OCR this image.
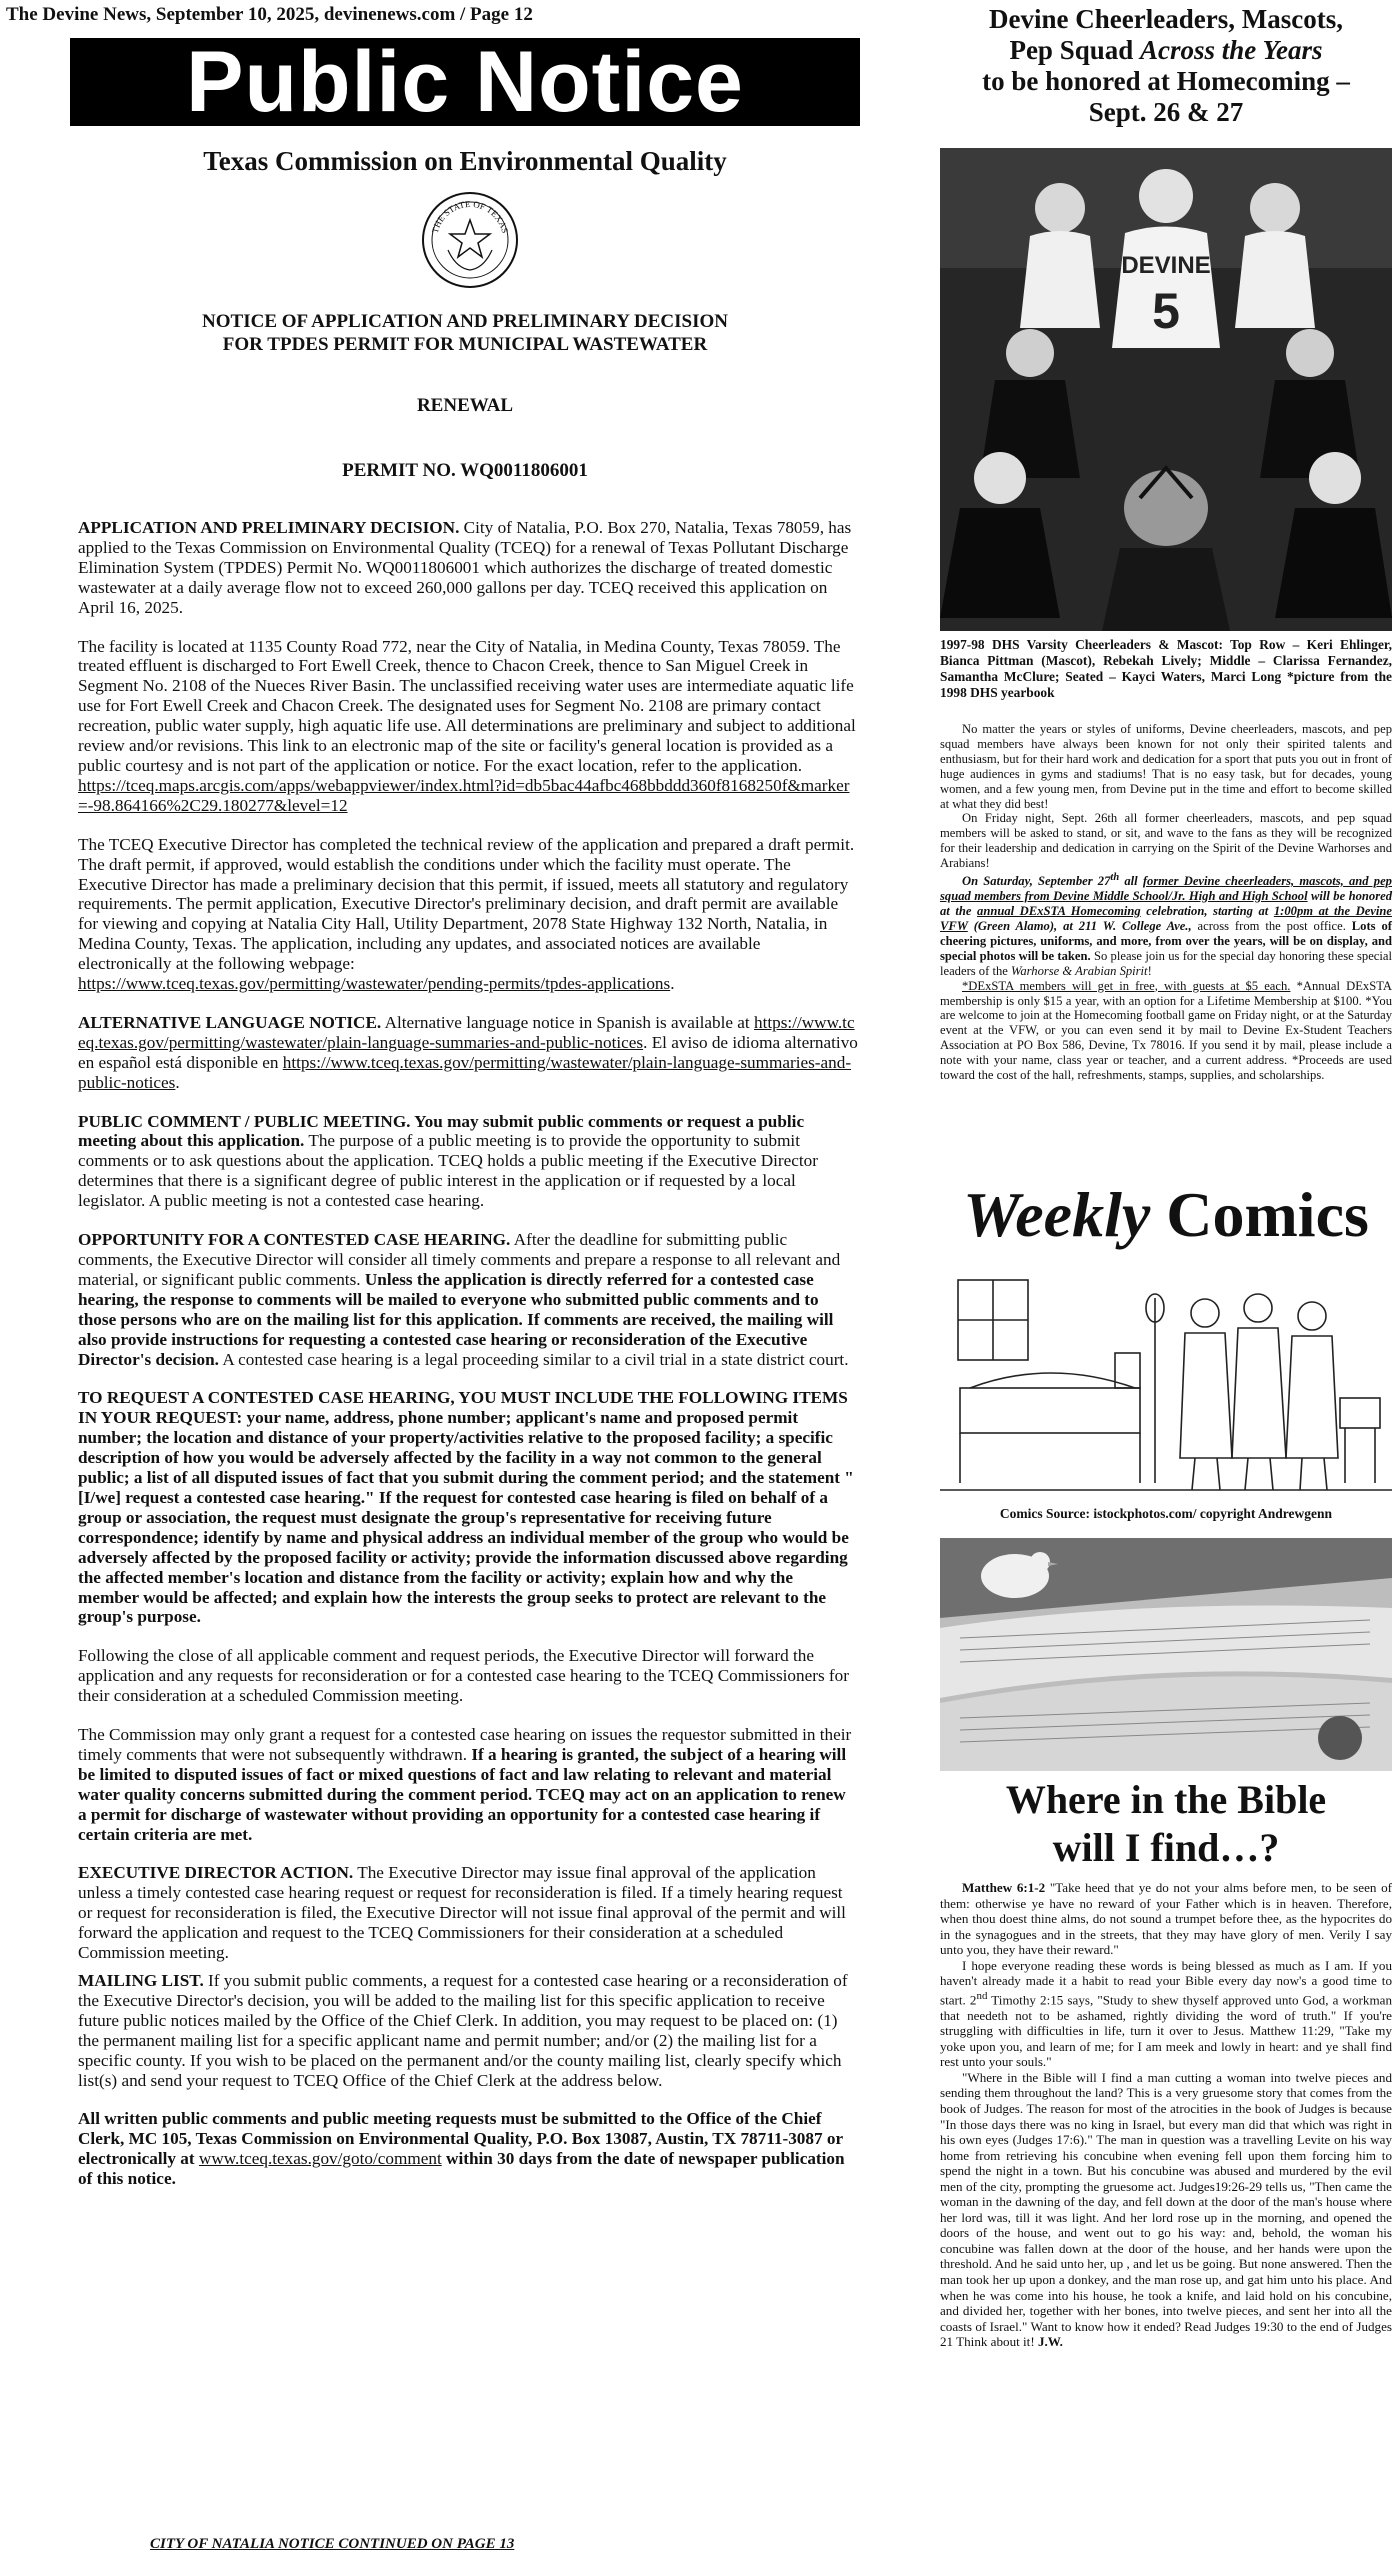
The Devine News, September 10, 2025, devinenews.com / Page 12
Public Notice
Texas Commission on Environmental Quality
THE STATE OF TEXAS
NOTICE OF APPLICATION AND PRELIMINARY DECISION
FOR TPDES PERMIT FOR MUNICIPAL WASTEWATER
RENEWAL
PERMIT NO. WQ0011806001

APPLICATION AND PRELIMINARY DECISION. City of Natalia, P.O. Box 270, Natalia, Texas 78059, has applied to the Texas Commission on Environmental Quality (TCEQ) for a renewal of Texas Pollutant Discharge Elimination System (TPDES) Permit No. WQ0011806001 which authorizes the discharge of treated domestic wastewater at a daily average flow not to exceed 260,000 gallons per day. TCEQ received this application on April 16, 2025.

The facility is located at 1135 County Road 772, near the City of Natalia, in Medina County, Texas 78059. The treated effluent is discharged to Fort Ewell Creek, thence to Chacon Creek, thence to San Miguel Creek in Segment No. 2108 of the Nueces River Basin. The unclassified receiving water uses are intermediate aquatic life use for Fort Ewell Creek and Chacon Creek. The designated uses for Segment No. 2108 are primary contact recreation, public water supply, high aquatic life use. All determinations are preliminary and subject to additional review and/or revisions. This link to an electronic map of the site or facility's general location is provided as a public courtesy and is not part of the application or notice. For the exact location, refer to the application.
https://tceq.maps.arcgis.com/apps/webappviewer/index.html?id=db5bac44afbc468bbddd360f8168250f&marker=-98.864166%2C29.180277&level=12

The TCEQ Executive Director has completed the technical review of the application and prepared a draft permit. The draft permit, if approved, would establish the conditions under which the facility must operate. The Executive Director has made a preliminary decision that this permit, if issued, meets all statutory and regulatory requirements. The permit application, Executive Director's preliminary decision, and draft permit are available for viewing and copying at Natalia City Hall, Utility Department, 2078 State Highway 132 North, Natalia, in Medina County, Texas. The application, including any updates, and associated notices are available electronically at the following webpage:
https://www.tceq.texas.gov/permitting/wastewater/pending-permits/tpdes-applications.

ALTERNATIVE LANGUAGE NOTICE. Alternative language notice in Spanish is available at https://www.tceq.texas.gov/permitting/wastewater/plain-language-summaries-and-public-notices. El aviso de idioma alternativo en español está disponible en https://www.tceq.texas.gov/permitting/wastewater/plain-language-summaries-and-public-notices.

PUBLIC COMMENT / PUBLIC MEETING. You may submit public comments or request a public meeting about this application. The purpose of a public meeting is to provide the opportunity to submit comments or to ask questions about the application. TCEQ holds a public meeting if the Executive Director determines that there is a significant degree of public interest in the application or if requested by a local legislator. A public meeting is not a contested case hearing.

OPPORTUNITY FOR A CONTESTED CASE HEARING. After the deadline for submitting public comments, the Executive Director will consider all timely comments and prepare a response to all relevant and material, or significant public comments. Unless the application is directly referred for a contested case hearing, the response to comments will be mailed to everyone who submitted public comments and to those persons who are on the mailing list for this application. If comments are received, the mailing will also provide instructions for requesting a contested case hearing or reconsideration of the Executive Director's decision. A contested case hearing is a legal proceeding similar to a civil trial in a state district court.

TO REQUEST A CONTESTED CASE HEARING, YOU MUST INCLUDE THE FOLLOWING ITEMS IN YOUR REQUEST: your name, address, phone number; applicant's name and proposed permit number; the location and distance of your property/activities relative to the proposed facility; a specific description of how you would be adversely affected by the facility in a way not common to the general public; a list of all disputed issues of fact that you submit during the comment period; and the statement "[I/we] request a contested case hearing." If the request for contested case hearing is filed on behalf of a group or association, the request must designate the group's representative for receiving future correspondence; identify by name and physical address an individual member of the group who would be adversely affected by the proposed facility or activity; provide the information discussed above regarding the affected member's location and distance from the facility or activity; explain how and why the member would be affected; and explain how the interests the group seeks to protect are relevant to the group's purpose.

Following the close of all applicable comment and request periods, the Executive Director will forward the application and any requests for reconsideration or for a contested case hearing to the TCEQ Commissioners for their consideration at a scheduled Commission meeting.

The Commission may only grant a request for a contested case hearing on issues the requestor submitted in their timely comments that were not subsequently withdrawn. If a hearing is granted, the subject of a hearing will be limited to disputed issues of fact or mixed questions of fact and law relating to relevant and material water quality concerns submitted during the comment period. TCEQ may act on an application to renew a permit for discharge of wastewater without providing an opportunity for a contested case hearing if certain criteria are met.

EXECUTIVE DIRECTOR ACTION. The Executive Director may issue final approval of the application unless a timely contested case hearing request or request for reconsideration is filed. If a timely hearing request or request for reconsideration is filed, the Executive Director will not issue final approval of the permit and will forward the application and request to the TCEQ Commissioners for their consideration at a scheduled Commission meeting.

MAILING LIST. If you submit public comments, a request for a contested case hearing or a reconsideration of the Executive Director's decision, you will be added to the mailing list for this specific application to receive future public notices mailed by the Office of the Chief Clerk. In addition, you may request to be placed on: (1) the permanent mailing list for a specific applicant name and permit number; and/or (2) the mailing list for a specific county. If you wish to be placed on the permanent and/or the county mailing list, clearly specify which list(s) and send your request to TCEQ Office of the Chief Clerk at the address below.

All written public comments and public meeting requests must be submitted to the Office of the Chief Clerk, MC 105, Texas Commission on Environmental Quality, P.O. Box 13087, Austin, TX 78711-3087 or electronically at www.tceq.texas.gov/goto/comment within 30 days from the date of newspaper publication of this notice.

CITY OF NATALIA NOTICE CONTINUED ON PAGE 13
Devine Cheerleaders, Mascots,
Pep Squad Across the Years
to be honored at Homecoming –
Sept. 26 & 27
DEVINE
5
1997-98 DHS Varsity Cheerleaders & Mascot: Top Row – Keri Ehlinger, Bianca Pittman (Mascot), Rebekah Lively; Middle – Clarissa Fernandez, Samantha McClure; Seated – Kayci Waters, Marci Long *picture from the 1998 DHS yearbook

No matter the years or styles of uniforms, Devine cheerleaders, mascots, and pep squad members have always been known for not only their spirited talents and enthusiasm, but for their hard work and dedication for a sport that puts you out in front of huge audiences in gyms and stadiums! That is no easy task, but for decades, young women, and a few young men, from Devine put in the time and effort to become skilled at what they did best!

On Friday night, Sept. 26th all former cheerleaders, mascots, and pep squad members will be asked to stand, or sit, and wave to the fans as they will be recognized for their leadership and dedication in carrying on the Spirit of the Devine Warhorses and Arabians!

On Saturday, September 27th all former Devine cheerleaders, mascots, and pep squad members from Devine Middle School/Jr. High and High School will be honored at the annual DExSTA Homecoming celebration, starting at 1:00pm at the Devine VFW (Green Alamo), at 211 W. College Ave., across from the post office. Lots of cheering pictures, uniforms, and more, from over the years, will be on display, and special photos will be taken. So please join us for the special day honoring these special leaders of the Warhorse & Arabian Spirit!

*DExSTA members will get in free, with guests at $5 each. *Annual DExSTA membership is only $15 a year, with an option for a Lifetime Membership at $100. *You are welcome to join at the Homecoming football game on Friday night, or at the Saturday event at the VFW, or you can even send it by mail to Devine Ex-Student Teachers Association at PO Box 586, Devine, Tx 78016. If you send it by mail, please include a note with your name, class year or teacher, and a current address. *Proceeds are used toward the cost of the hall, refreshments, stamps, supplies, and scholarships.

Weekly Comics
Comics Source: istockphotos.com/ copyright Andrewgenn
Where in the Bible
will I find…?

Matthew 6:1-2 "Take heed that ye do not your alms before men, to be seen of them: otherwise ye have no reward of your Father which is in heaven. Therefore, when thou doest thine alms, do not sound a trumpet before thee, as the hypocrites do in the synagogues and in the streets, that they may have glory of men. Verily I say unto you, they have their reward."

I hope everyone reading these words is being blessed as much as I am. If you haven't already made it a habit to read your Bible every day now's a good time to start. 2nd Timothy 2:15 says, "Study to shew thyself approved unto God, a workman that needeth not to be ashamed, rightly dividing the word of truth." If you're struggling with difficulties in life, turn it over to Jesus. Matthew 11:29, "Take my yoke upon you, and learn of me; for I am meek and lowly in heart: and ye shall find rest unto your souls."

"Where in the Bible will I find a man cutting a woman into twelve pieces and sending them throughout the land? This is a very gruesome story that comes from the book of Judges. The reason for most of the atrocities in the book of Judges is because "In those days there was no king in Israel, but every man did that which was right in his own eyes (Judges 17:6)." The man in question was a travelling Levite on his way home from retrieving his concubine when evening fell upon them forcing him to spend the night in a town. But his concubine was abused and murdered by the evil men of the city, prompting the gruesome act. Judges19:26-29 tells us, "Then came the woman in the dawning of the day, and fell down at the door of the man's house where her lord was, till it was light. And her lord rose up in the morning, and opened the doors of the house, and went out to go his way: and, behold, the woman his concubine was fallen down at the door of the house, and her hands were upon the threshold. And he said unto her, up , and let us be going. But none answered. Then the man took her up upon a donkey, and the man rose up, and gat him unto his place. And when he was come into his house, he took a knife, and laid hold on his concubine, and divided her, together with her bones, into twelve pieces, and sent her into all the coasts of Israel." Want to know how it ended? Read Judges 19:30 to the end of Judges 21 Think about it! J.W.
